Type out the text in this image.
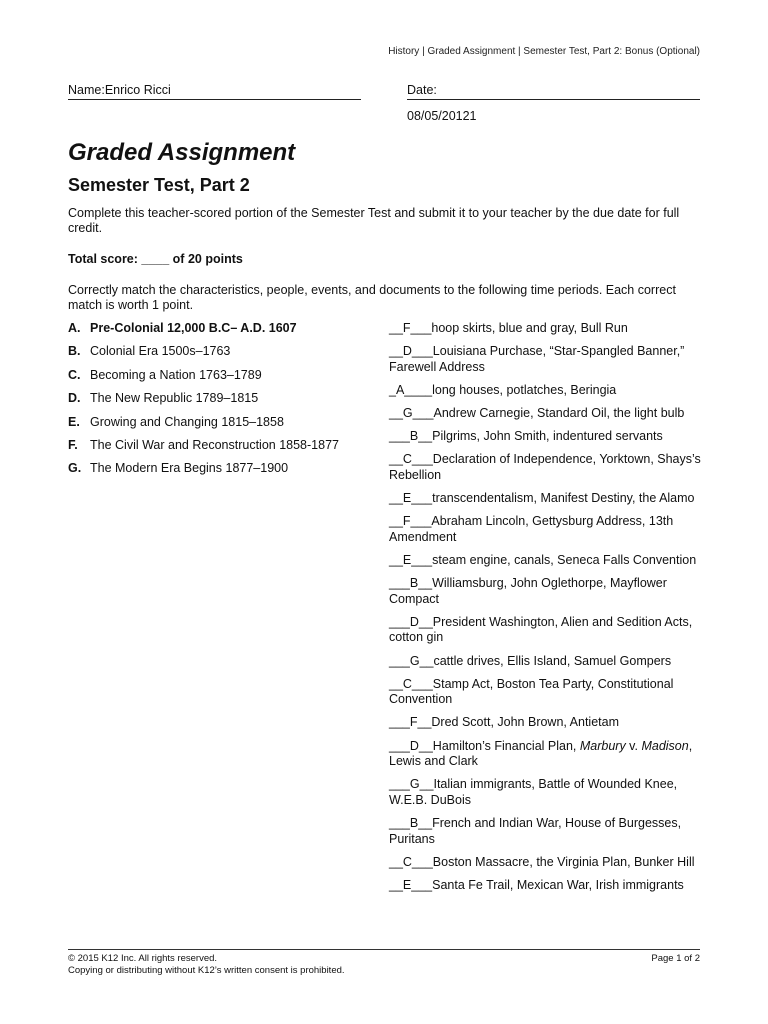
History | Graded Assignment | Semester Test, Part 2: Bonus (Optional)
Name:Enrico Ricci	Date:
08/05/20121
Graded Assignment
Semester Test, Part 2
Complete this teacher-scored portion of the Semester Test and submit it to your teacher by the due date for full credit.
Total score: ____ of 20 points
Correctly match the characteristics, people, events, and documents to the following time periods. Each correct match is worth 1 point.
A. Pre-Colonial 12,000 B.C– A.D. 1607
B. Colonial Era 1500s–1763
C. Becoming a Nation 1763–1789
D. The New Republic 1789–1815
E. Growing and Changing 1815–1858
F. The Civil War and Reconstruction 1858-1877
G. The Modern Era Begins 1877–1900
__F___hoop skirts, blue and gray, Bull Run
__D___Louisiana Purchase, “Star-Spangled Banner,” Farewell Address
_A____long houses, potlatches, Beringia
__G___Andrew Carnegie, Standard Oil, the light bulb
___B__Pilgrims, John Smith, indentured servants
__C___Declaration of Independence, Yorktown, Shays’s Rebellion
__E___transcendentalism, Manifest Destiny, the Alamo
__F___Abraham Lincoln, Gettysburg Address, 13th Amendment
__E___steam engine, canals, Seneca Falls Convention
___B__Williamsburg, John Oglethorpe, Mayflower Compact
___D__President Washington, Alien and Sedition Acts, cotton gin
___G__cattle drives, Ellis Island, Samuel Gompers
__C___Stamp Act, Boston Tea Party, Constitutional Convention
___F__Dred Scott, John Brown, Antietam
___D__Hamilton’s Financial Plan, Marbury v. Madison, Lewis and Clark
___G__Italian immigrants, Battle of Wounded Knee, W.E.B. DuBois
___B__French and Indian War, House of Burgesses, Puritans
__C___Boston Massacre, the Virginia Plan, Bunker Hill
__E___Santa Fe Trail, Mexican War, Irish immigrants
© 2015 K12 Inc. All rights reserved.
Copying or distributing without K12’s written consent is prohibited.
Page 1 of 2
